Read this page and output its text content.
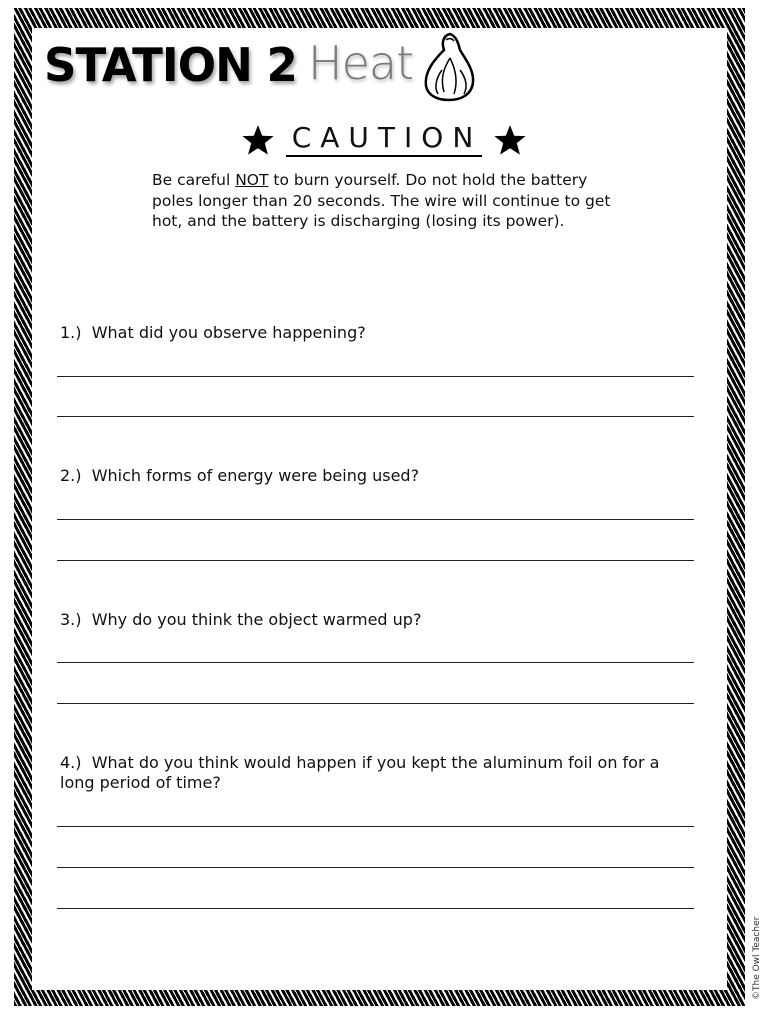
STATION 2 Heat
CAUTION
Be careful NOT to burn yourself. Do not hold the battery poles longer than 20 seconds. The wire will continue to get hot, and the battery is discharging (losing its power).
1.) What did you observe happening?
2.) Which forms of energy were being used?
3.) Why do you think the object warmed up?
4.) What do you think would happen if you kept the aluminum foil on for a long period of time?
©The Owl Teacher
